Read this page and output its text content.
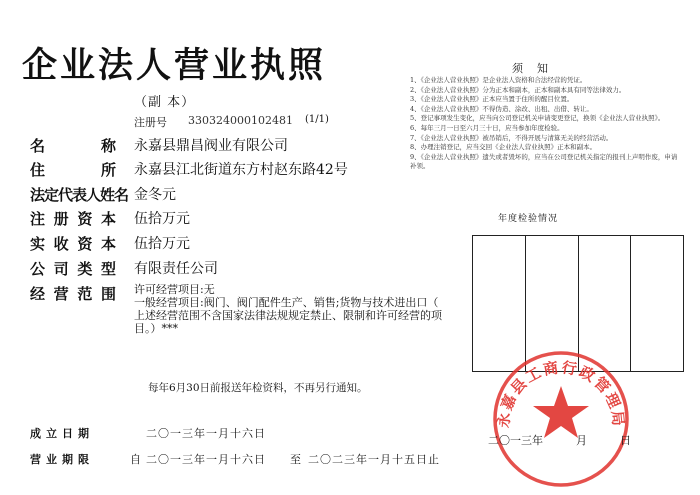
企业法人营业执照
（副 本）
注册号 330324000102481 (1/1)
名称 永嘉县鼎昌阀业有限公司
住所 永嘉县江北街道东方村赵东路42号
法定代表人姓名 金冬元
注册资本 伍拾万元
实收资本 伍拾万元
公司类型 有限责任公司
经营范围 许可经营项目:无
一般经营项目:阀门、阀门配件生产、销售;货物与技术进出口（
上述经营范围不含国家法律法规规定禁止、限制和许可经营的项
目。）***
每年6月30日前报送年检资料，不再另行通知。
成立日期	二〇一三年一月十六日
营业期限	自 二〇一三年一月十六日 至 二〇二三年一月十五日止
须知
1、《企业法人营业执照》是企业法人资格和合法经营的凭证。
2、《企业法人营业执照》分为正本和副本，正本和副本具有同等法律效力。
3、《企业法人营业执照》正本应当置于住所的醒目位置。
4、《企业法人营业执照》不得伪造、涂改、出租、出借、转让。
5、登记事项发生变化，应当向公司登记机关申请变更登记，换领《企业法人营业执照》。
6、每年三月一日至六月三十日，应当参加年度检验。
7、《企业法人营业执照》被吊销后，不得开展与清算无关的经营活动。
8、办理注销登记，应当交回《企业法人营业执照》正本和副本。
9、《企业法人营业执照》遗失或者毁坏的，应当在公司登记机关指定的报刊上声明作废，申请补领。
年度检验情况
永嘉县工商行政管理局
二〇一三年	月	日
